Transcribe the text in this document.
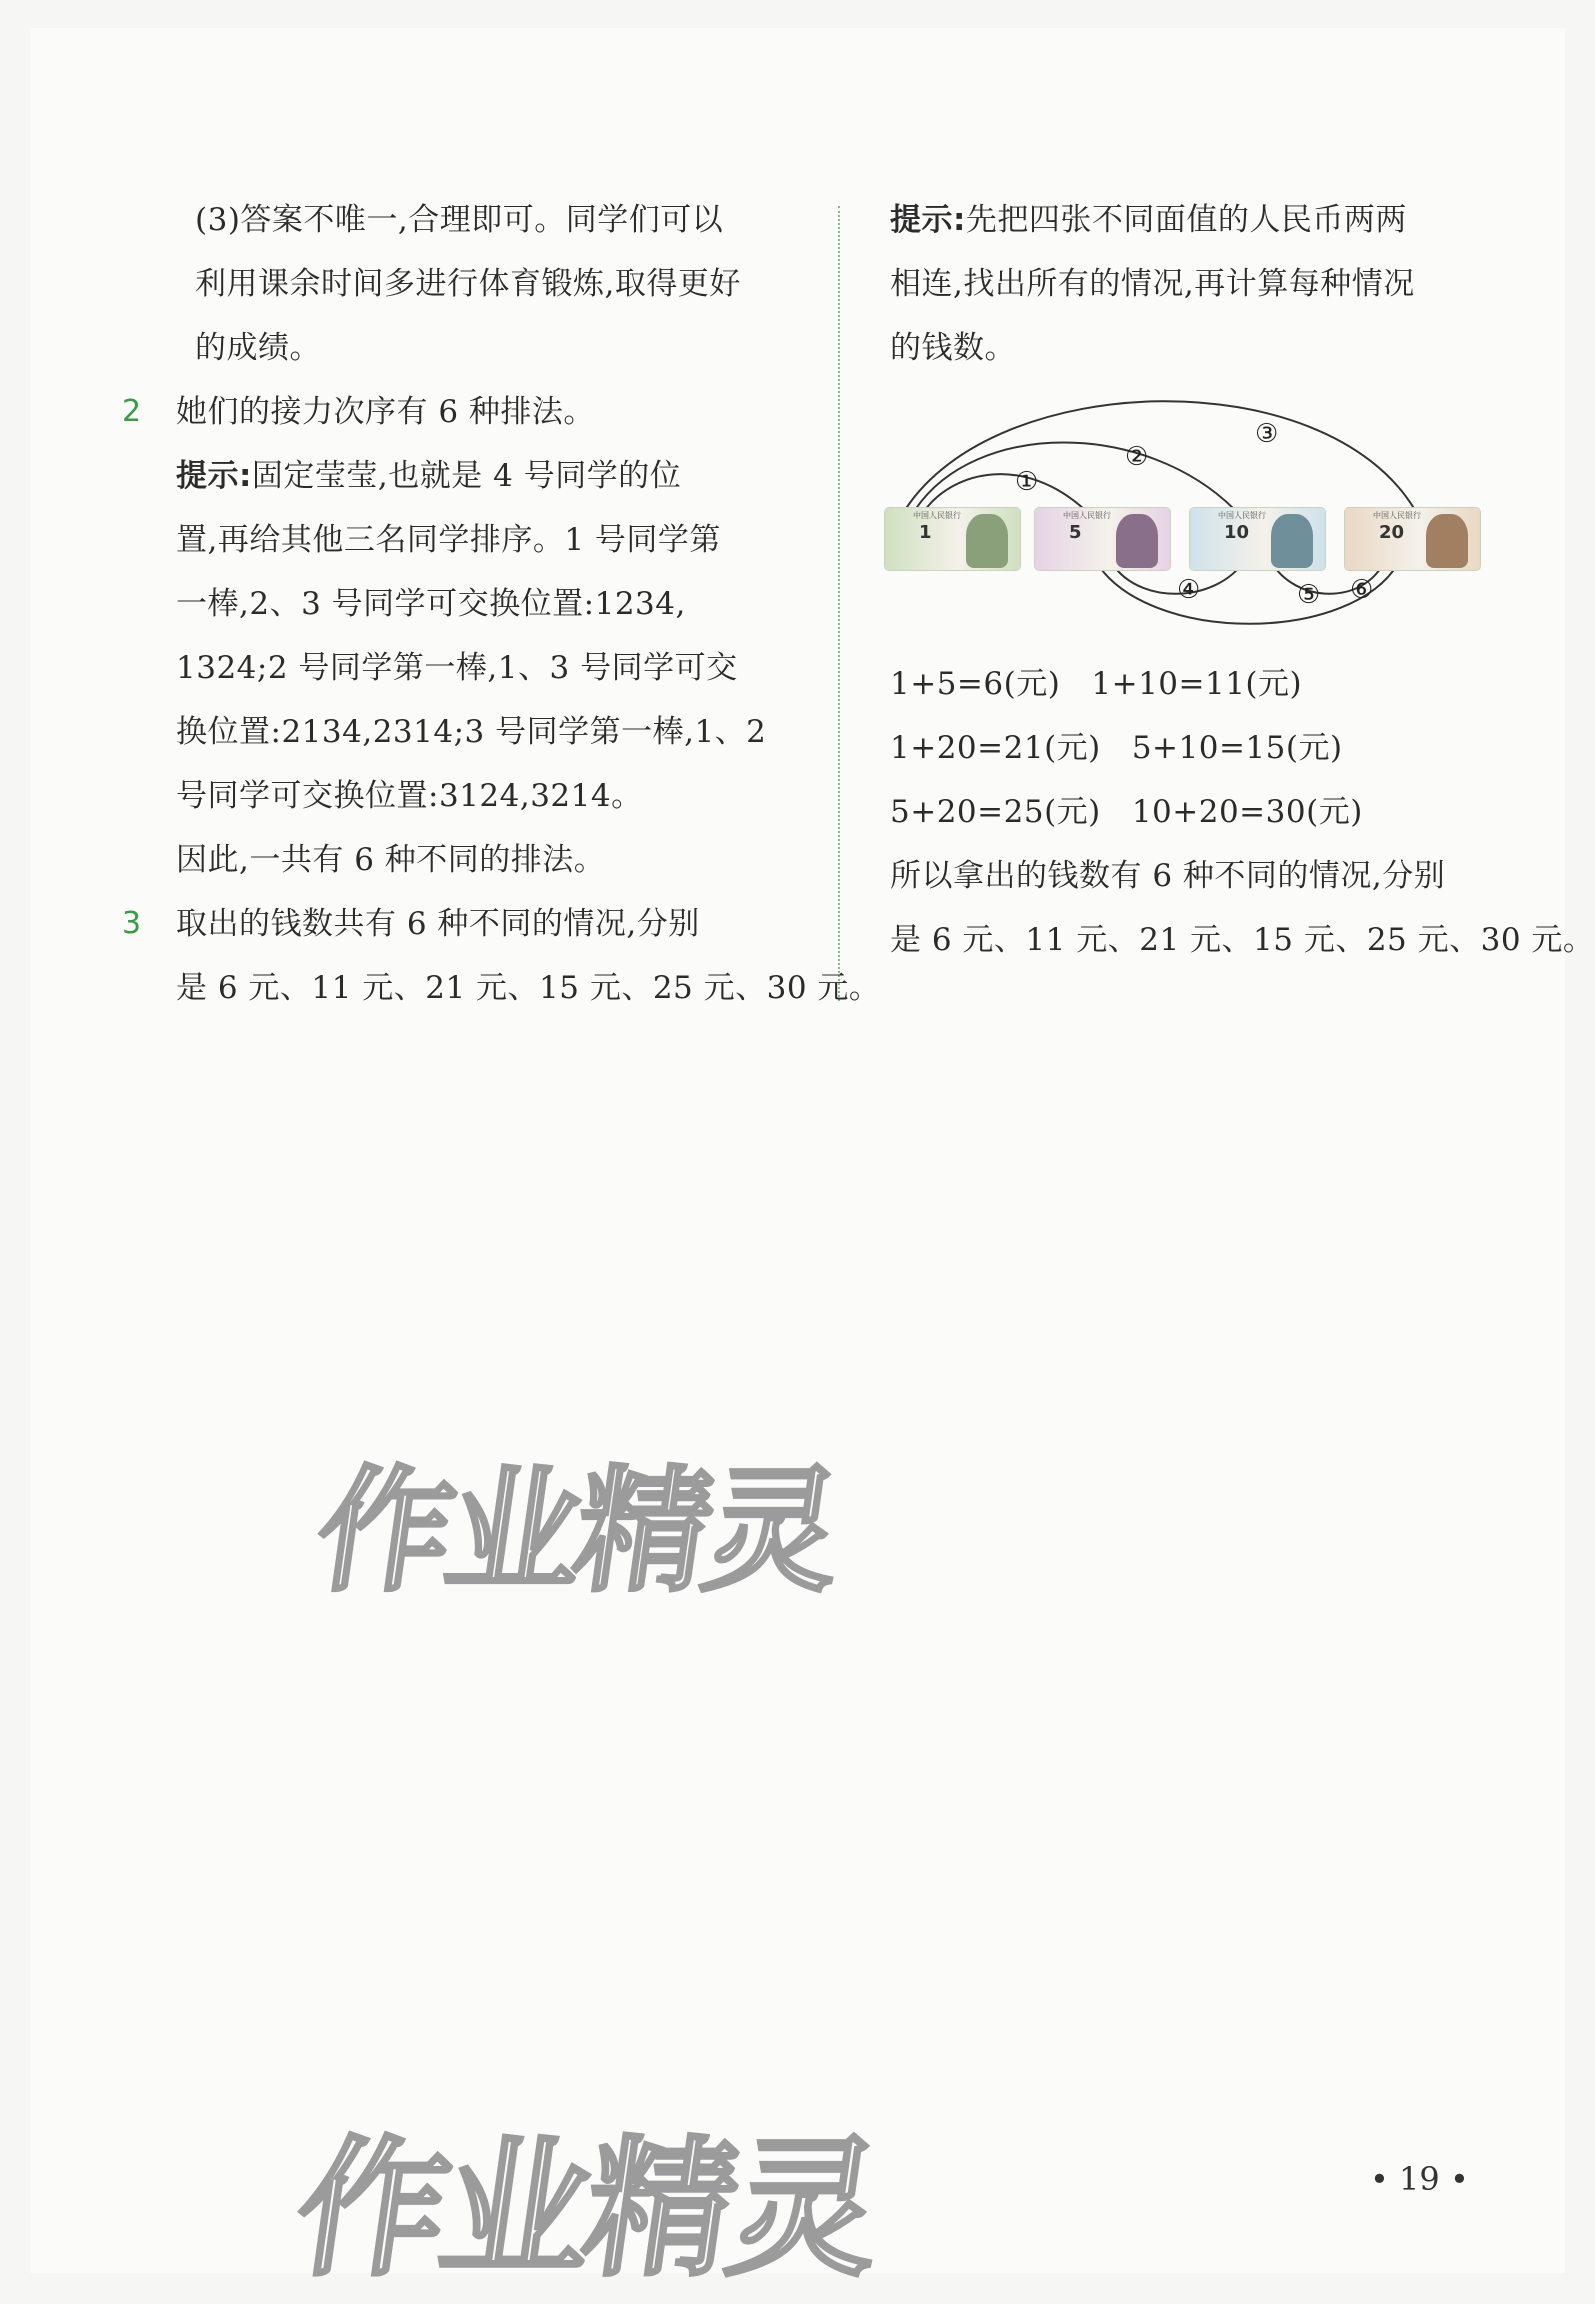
(3)答案不唯一,合理即可。同学们可以
利用课余时间多进行体育锻炼,取得更好
的成绩。
2 她们的接力次序有 6 种排法。
提示:固定莹莹,也就是 4 号同学的位
置,再给其他三名同学排序。1 号同学第
一棒,2、3 号同学可交换位置:1234,
1324;2 号同学第一棒,1、3 号同学可交
换位置:2134,2314;3 号同学第一棒,1、2
号同学可交换位置:3124,3214。
因此,一共有 6 种不同的排法。
3 取出的钱数共有 6 种不同的情况,分别
是 6 元、11 元、21 元、15 元、25 元、30 元。
提示:先把四张不同面值的人民币两两
相连,找出所有的情况,再计算每种情况
的钱数。
①
②
③
④	⑥
⑤
中国人民银行
1
中国人民银行
5
中国人民银行
10
中国人民银行
20
1+5=6(元)   1+10=11(元)
1+20=21(元)   5+10=15(元)
5+20=25(元)   10+20=30(元)
所以拿出的钱数有 6 种不同的情况,分别
是 6 元、11 元、21 元、15 元、25 元、30 元。
作业精灵
作业精灵	• 19 •
